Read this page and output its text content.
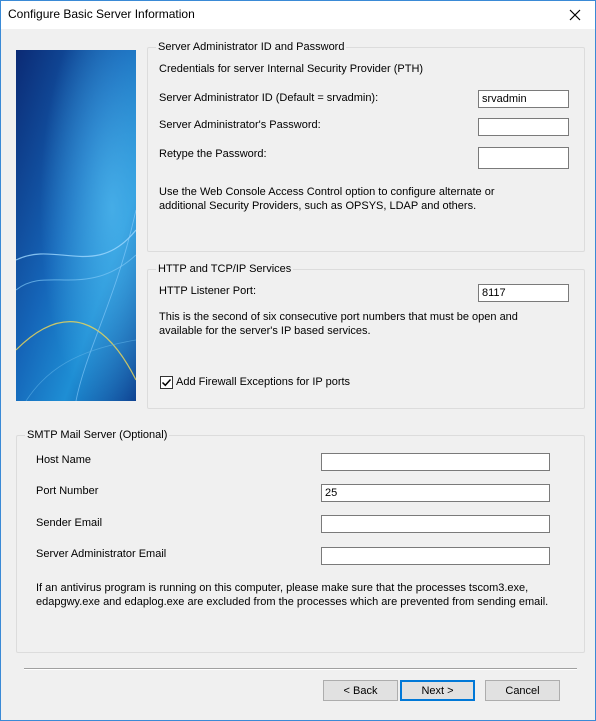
Configure Basic Server Information
Server Administrator ID and Password
Credentials for server Internal Security Provider (PTH)
Server Administrator ID (Default = srvadmin):
srvadmin
Server Administrator's Password:
Retype the Password:
Use the Web Console Access Control option to configure alternate or additional Security Providers, such as OPSYS, LDAP and others.
HTTP and TCP/IP Services
HTTP Listener Port:
8117
This is the second of six consecutive port numbers that must be open and available for the server's IP based services.
Add Firewall Exceptions for IP ports
SMTP Mail Server (Optional)
Host Name
Port Number
25
Sender Email
Server Administrator Email
If an antivirus program is running on this computer, please make sure that the processes tscom3.exe, edapgwy.exe and edaplog.exe are excluded from the processes which are prevented from sending email.
< Back	Next >	Cancel
